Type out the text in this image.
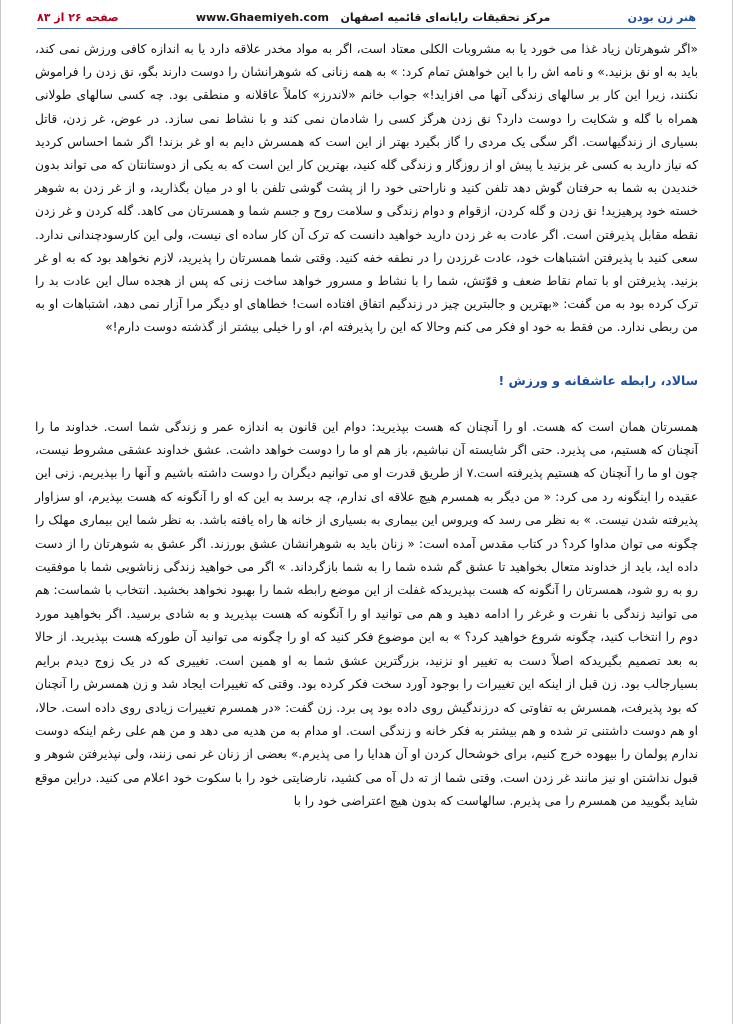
هنر زن بودن
مرکز تحقیقات رایانه‌ای قائمیه اصفهان   www.Ghaemiyeh.com
صفحه ۲۶ از ۸۳

«اگر شوهرتان زیاد غذا می خورد یا به مشروبات الکلی معتاد است، اگر به مواد مخدر علاقه دارد یا به اندازه کافی ورزش نمی کند، باید به او نق بزنید.» و نامه اش را با این خواهش تمام کرد: » به همه زنانی که شوهرانشان را دوست دارند بگو، نق زدن را فراموش نکنند، زیرا این کار بر سالهای زندگی آنها می افزاید!» جواب خانم «لاندرز» کاملاً عاقلانه و منطقی بود. چه کسی سالهای طولانی همراه با گله و شکایت را دوست دارد؟ نق زدن هرگز کسی را شادمان نمی کند و با نشاط نمی سازد. در عوض، غر زدن، قاتل بسیاری از زندگیهاست. اگر سگی یک مردی را گاز بگیرد بهتر از این است که همسرش دایم به او غر بزند! اگر شما احساس کردید که نیاز دارید به کسی غر بزنید یا پیش او از روزگار و زندگی گله کنید، بهترین کار این است که به یکی از دوستانتان که می تواند بدون خندیدن به شما به حرفتان گوش دهد تلفن کنید و ناراحتی خود را از پشت گوشی تلفن با او در میان بگذارید، و از غر زدن به شوهر خسته خود پرهیزید! نق زدن و گله کردن، ازقوام و دوام زندگی و سلامت روح و جسم شما و همسرتان می کاهد. گله کردن و غر زدن نقطه مقابل پذیرفتن است. اگر عادت به غر زدن دارید خواهید دانست که ترک آن کار ساده ای نیست، ولی این کارسودچندانی ندارد. سعی کنید با پذیرفتن اشتباهات خود، عادت غرزدن را در نطفه خفه کنید. وقتی شما همسرتان را پذیرید، لازم نخواهد بود که به او غر بزنید. پذیرفتن او با تمام نقاط ضعف و قوّتش، شما را با نشاط و مسرور خواهد ساخت زنی که پس از هجده سال این عادت بد را ترک کرده بود به من گفت: «بهترین و جالبترین چیز در زندگیم اتفاق افتاده است! خطاهای او دیگر مرا آزار نمی دهد، اشتباهات او به من ربطی ندارد. من فقط به خود او فکر می کنم وحالا که این را پذیرفته ام، او را خیلی بیشتر از گذشته دوست دارم!»

سالاد، رابطه عاشقانه و ورزش !

همسرتان همان است که هست. او را آنچنان که هست بپذیرید: دوام این قانون به اندازه عمر و زندگی شما است. خداوند ما را آنچنان که هستیم، می پذیرد. حتی اگر شایسته آن نباشیم، باز هم او ما را دوست خواهد داشت. عشق خداوند عشقی مشروط نیست، چون او ما را آنچنان که هستیم پذیرفته است.۷ از طریق قدرت او می توانیم دیگران را دوست داشته باشیم و آنها را بپذیریم. زنی این عقیده را اینگونه رد می کرد: « من دیگر به همسرم هیچ علاقه ای ندارم، چه برسد به این که او را آنگونه که هست بپذیرم، او سزاوار پذیرفته شدن نیست. » به نظر می رسد که ویروس این بیماری به بسیاری از خانه ها راه یافته باشد. به نظر شما این بیماری مهلک را چگونه می توان مداوا کرد؟ در کتاب مقدس آمده است: « زنان باید به شوهرانشان عشق بورزند. اگر عشق به شوهرتان را از دست داده اید، باید از خداوند متعال بخواهید تا عشق گم شده شما را به شما بازگرداند. » اگر می خواهید زندگی زناشویی شما با موفقیت رو به رو شود، همسرتان را آنگونه که هست بپذیریدکه غفلت از این موضع رابطه شما را بهبود نخواهد بخشید. انتخاب با شماست: هم می توانید زندگی با نفرت و غرغر را ادامه دهید و هم می توانید او را آنگونه که هست بپذیرید و به شادی برسید. اگر بخواهید مورد دوم را انتخاب کنید، چگونه شروع خواهید کرد؟ » به این موضوع فکر کنید که او را چگونه می توانید آن طورکه هست بپذیرید. از حالا به بعد تصمیم بگیریدکه اصلاً دست به تغییر او نزنید، بزرگترین عشق شما به او همین است. تغییری که در یک زوج دیدم برایم بسیارجالب بود. زن قبل از اینکه این تغییرات را بوجود آورد سخت فکر کرده بود. وقتی که تغییرات ایجاد شد و زن همسرش را آنچنان که بود پذیرفت، همسرش به تفاوتی که درزندگیش روی داده بود پی برد. زن گفت: «در همسرم تغییرات زیادی روی داده است. حالا، او هم دوست داشتنی تر شده و هم بیشتر به فکر خانه و زندگی است. او مدام به من هدیه می دهد و من هم علی رغم اینکه دوست ندارم پولمان را بیهوده خرج کنیم، برای خوشحال کردن او آن هدایا را می پذیرم.» بعضی از زنان غر نمی زنند، ولی نپذیرفتن شوهر و قبول نداشتن او نیز مانند غر زدن است. وقتی شما از ته دل آه می کشید، نارضایتی خود را با سکوت خود اعلام می کنید. دراین موقع شاید بگویید من همسرم را می پذیرم. سالهاست که بدون هیچ اعتراضی خود را با
